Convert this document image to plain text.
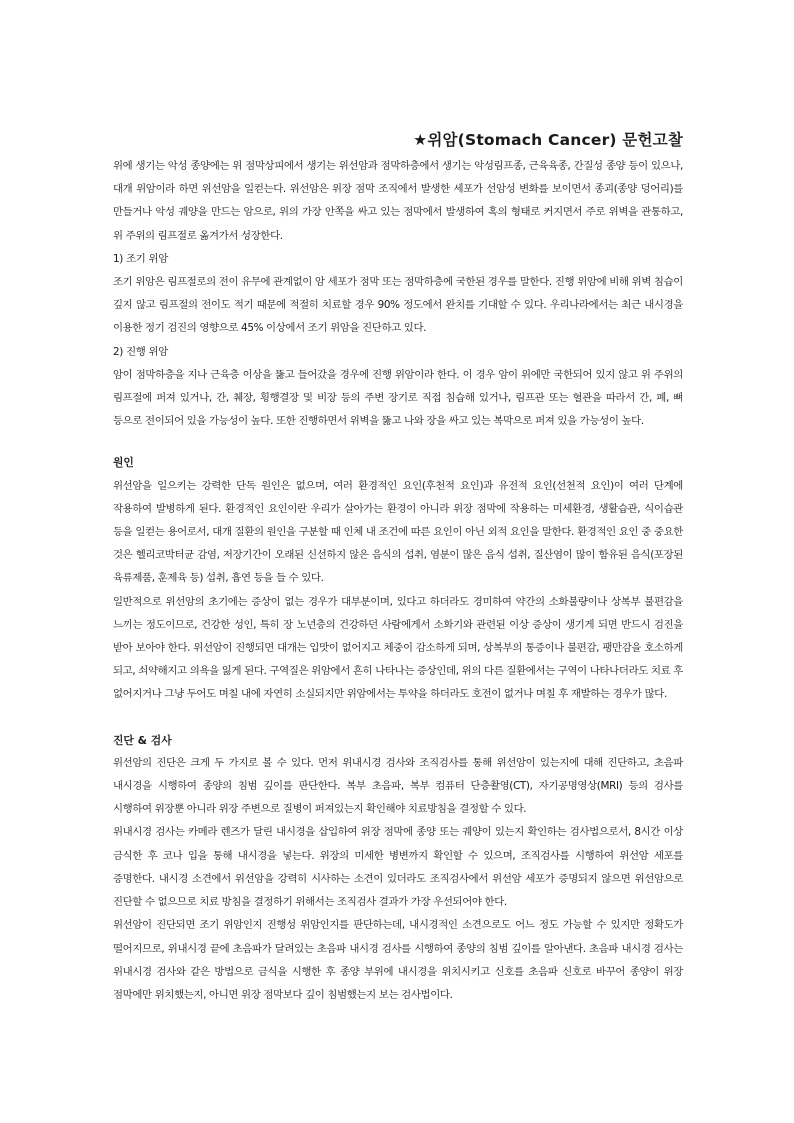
★위암(Stomach Cancer) 문헌고찰

위에 생기는 악성 종양에는 위 점막상피에서 생기는 위선암과 점막하층에서 생기는 악성림프종, 근육육종, 간질성 종양 등이 있으나, 대개 위암이라 하면 위선암을 일컫는다. 위선암은 위장 점막 조직에서 발생한 세포가 선암성 변화를 보이면서 종괴(종양 덩어리)를 만들거나 악성 궤양을 만드는 암으로, 위의 가장 안쪽을 싸고 있는 점막에서 발생하여 혹의 형태로 커지면서 주로 위벽을 관통하고, 위 주위의 림프절로 옮겨가서 성장한다.

1) 조기 위암

조기 위암은 림프절로의 전이 유무에 관계없이 암 세포가 점막 또는 점막하층에 국한된 경우를 말한다. 진행 위암에 비해 위벽 침습이 깊지 않고 림프절의 전이도 적기 때문에 적절히 치료할 경우 90% 정도에서 완치를 기대할 수 있다. 우리나라에서는 최근 내시경을 이용한 정기 검진의 영향으로 45% 이상에서 조기 위암을 진단하고 있다.

2) 진행 위암

암이 점막하층을 지나 근육층 이상을 뚫고 들어갔을 경우에 진행 위암이라 한다. 이 경우 암이 위에만 국한되어 있지 않고 위 주위의 림프절에 퍼져 있거나, 간, 췌장, 횡행결장 및 비장 등의 주변 장기로 직접 침습해 있거나, 림프관 또는 혈관을 따라서 간, 폐, 뼈 등으로 전이되어 있을 가능성이 높다. 또한 진행하면서 위벽을 뚫고 나와 장을 싸고 있는 복막으로 퍼져 있을 가능성이 높다.

원인

위선암을 일으키는 강력한 단독 원인은 없으며, 여러 환경적인 요인(후천적 요인)과 유전적 요인(선천적 요인)이 여러 단계에 작용하여 발병하게 된다. 환경적인 요인이란 우리가 살아가는 환경이 아니라 위장 점막에 작용하는 미세환경, 생활습관, 식이습관 등을 일컫는 용어로서, 대개 질환의 원인을 구분할 때 인체 내 조건에 따른 요인이 아닌 외적 요인을 말한다. 환경적인 요인 중 중요한 것은 헬리코박터균 감염, 저장기간이 오래된 신선하지 않은 음식의 섭취, 염분이 많은 음식 섭취, 질산염이 많이 함유된 음식(포장된 육류제품, 훈제육 등) 섭취, 흡연 등을 들 수 있다.

일반적으로 위선암의 초기에는 증상이 없는 경우가 대부분이며, 있다고 하더라도 경미하여 약간의 소화불량이나 상복부 불편감을 느끼는 정도이므로, 건강한 성인, 특히 장 노년층의 건강하던 사람에게서 소화기와 관련된 이상 증상이 생기게 되면 반드시 검진을 받아 보아야 한다. 위선암이 진행되면 대개는 입맛이 없어지고 체중이 감소하게 되며, 상복부의 통증이나 불편감, 팽만감을 호소하게 되고, 쇠약해지고 의욕을 잃게 된다. 구역질은 위암에서 흔히 나타나는 증상인데, 위의 다른 질환에서는 구역이 나타나더라도 치료 후 없어지거나 그냥 두어도 며칠 내에 자연히 소실되지만 위암에서는 투약을 하더라도 호전이 없거나 며칠 후 재발하는 경우가 많다.

진단 & 검사

위선암의 진단은 크게 두 가지로 볼 수 있다. 먼저 위내시경 검사와 조직검사를 통해 위선암이 있는지에 대해 진단하고, 초음파 내시경을 시행하여 종양의 침범 깊이를 판단한다. 복부 초음파, 복부 컴퓨터 단층촬영(CT), 자기공명영상(MRI) 등의 검사를 시행하여 위장뿐 아니라 위장 주변으로 질병이 퍼져있는지 확인해야 치료방침을 결정할 수 있다.

위내시경 검사는 카메라 렌즈가 달린 내시경을 삽입하여 위장 점막에 종양 또는 궤양이 있는지 확인하는 검사법으로서, 8시간 이상 금식한 후 코나 입을 통해 내시경을 넣는다. 위장의 미세한 병변까지 확인할 수 있으며, 조직검사를 시행하여 위선암 세포를 증명한다. 내시경 소견에서 위선암을 강력히 시사하는 소견이 있더라도 조직검사에서 위선암 세포가 증명되지 않으면 위선암으로 진단할 수 없으므로 치료 방침을 결정하기 위해서는 조직검사 결과가 가장 우선되어야 한다.

위선암이 진단되면 조기 위암인지 진행성 위암인지를 판단하는데, 내시경적인 소견으로도 어느 정도 가능할 수 있지만 정확도가 떨어지므로, 위내시경 끝에 초음파가 달려있는 초음파 내시경 검사를 시행하여 종양의 침범 깊이를 알아낸다. 초음파 내시경 검사는 위내시경 검사와 같은 방법으로 금식을 시행한 후 종양 부위에 내시경을 위치시키고 신호를 초음파 신호로 바꾸어 종양이 위장 점막에만 위치했는지, 아니면 위장 점막보다 깊이 침범했는지 보는 검사법이다.
